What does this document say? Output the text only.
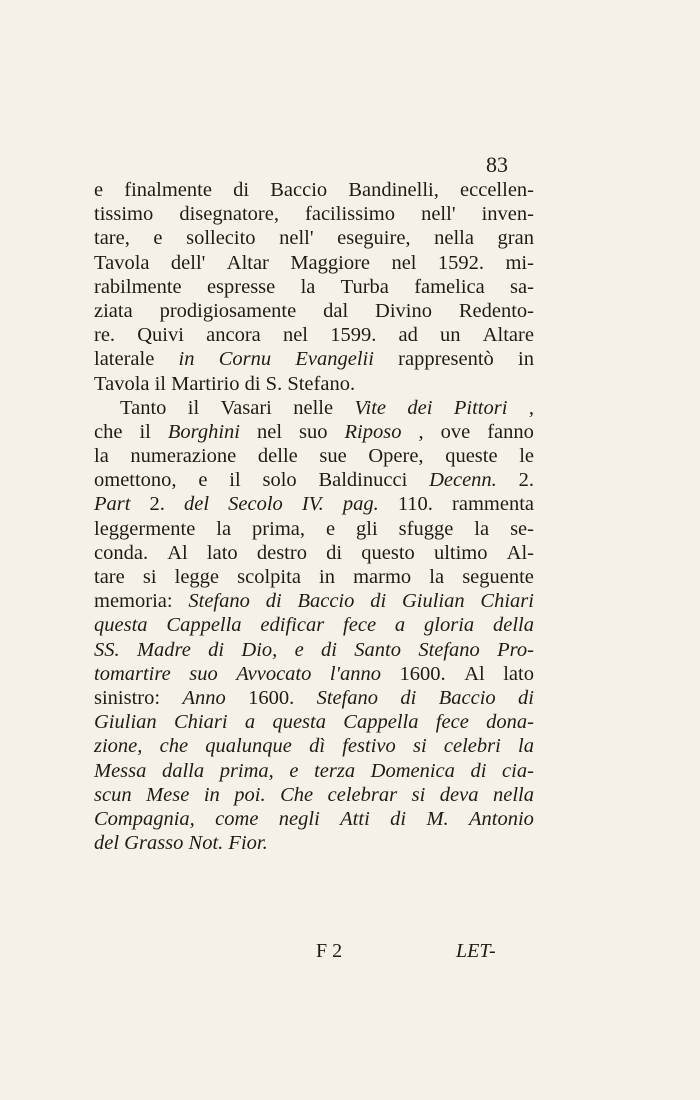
83
e finalmente di Baccio Bandinelli, eccellen-
tissimo disegnatore, facilissimo nell' inven-
tare, e sollecito nell' eseguire, nella gran
Tavola dell' Altar Maggiore nel 1592. mi-
rabilmente espresse la Turba famelica sa-
ziata prodigiosamente dal Divino Redento-
re. Quivi ancora nel 1599. ad un Altare
laterale in Cornu Evangelii rappresentò in
Tavola
il
Martirio
di
S.
Stefano.

Tanto il Vasari nelle Vite dei Pittori ,
che il Borghini nel suo Riposo , ove fanno
la numerazione delle sue Opere, queste le
omettono, e il solo Baldinucci Decenn. 2.
Part 2. del Secolo IV. pag. 110. rammenta
leggermente la prima, e gli sfugge la se-
conda. Al lato destro di questo ultimo Al-
tare si legge scolpita in marmo la seguente
memoria: Stefano di Baccio di Giulian Chiari
questa Cappella edificar fece a gloria della
SS. Madre di Dio, e di Santo Stefano Pro-
tomartire suo Avvocato l'anno 1600. Al lato
sinistro: Anno 1600. Stefano di Baccio di
Giulian Chiari a questa Cappella fece dona-
zione, che qualunque dì festivo si celebri la
Messa dalla prima, e terza Domenica di cia-
scun Mese in poi. Che celebrar si deva nella
Compagnia, come negli Atti di M. Antonio
del
Grasso
Not.
Fior.

F 2	LET-
